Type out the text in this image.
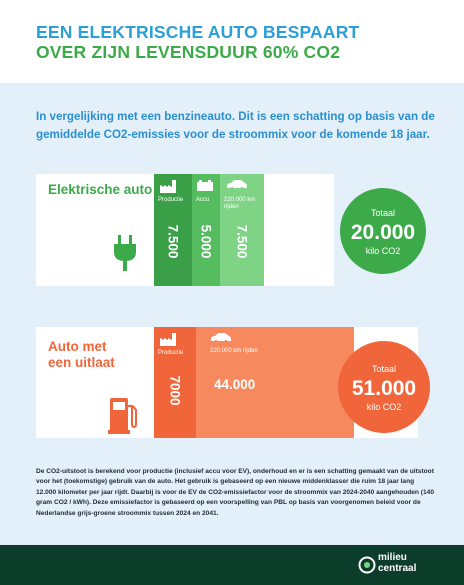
EEN ELEKTRISCHE AUTO BESPAART
OVER ZIJN LEVENSDUUR 60% CO2
In vergelijking met een benzineauto. Dit is een schatting op basis van de gemiddelde CO2-emissies voor de stroommix voor de komende 18 jaar.
Elektrische auto
Productie Accu 220.000 km rijden
7.500 5.000 7.500
Totaal
20.000
kilo CO2
Auto met
een uitlaat
Productie	220.000 km rijden
7000 44.000
Totaal
51.000
kilo CO2
De CO2-uitstoot is berekend voor productie (inclusief accu voor EV), onderhoud en er is een schatting gemaakt van de uitstoot voor het (toekomstige) gebruik van de auto. Het gebruik is gebaseerd op een nieuwe middenklasser die ruim 18 jaar lang 12.000 kilometer per jaar rijdt. Daarbij is voor de EV de CO2-emissiefactor voor de stroommix van 2024-2040 aangehouden (140 gram CO2 / kWh). Deze emissiefactor is gebaseerd op een voorspelling van PBL op basis van voorgenomen beleid voor de Nederlandse grijs-groene stroommix tussen 2024 en 2041.
milieu
centraal
